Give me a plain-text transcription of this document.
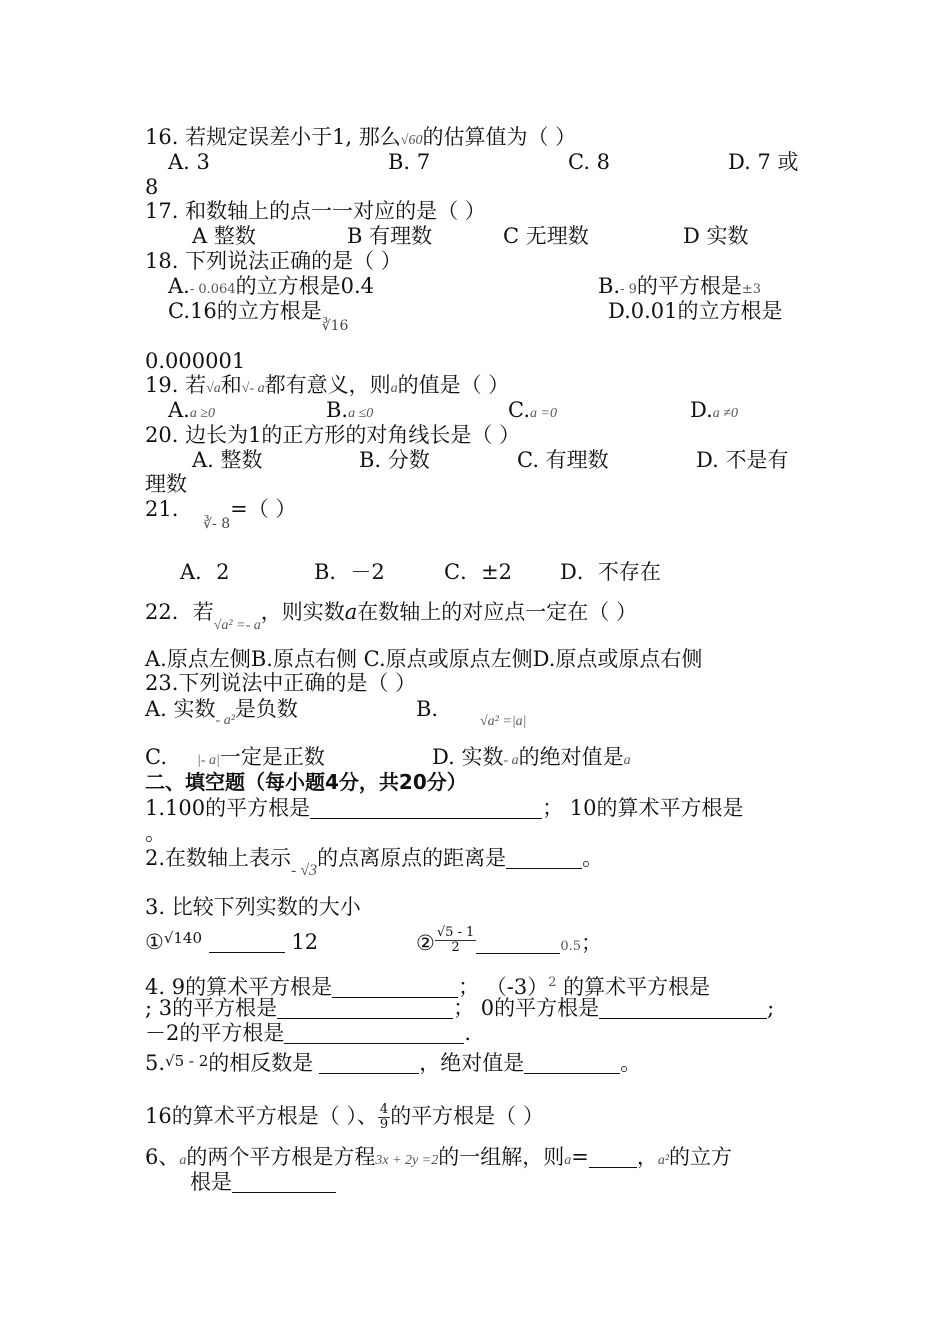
16. 若规定误差小于1, 那么√60的估算值为（ ）
A. 3	B. 7	C. 8	D. 7 或
8
17. 和数轴上的点一一对应的是（ ）
A 整数	B 有理数	C 无理数	D 实数
18. 下列说法正确的是（ ）
A.- 0.064的立方根是0.4	B.- 9的平方根是±3
C.16的立方根是$_{∛16}$
D.0.01的立方根是
0.000001
19. 若√a和√- a都有意义，则a的值是（ ）
A.a ≥0	B.a ≤0	C.a =0	D.a ≠0
20. 边长为1的正方形的对角线长是（ ）
A. 整数	B. 分数	C. 有理数	D. 不是有
理数
21. $_{∛- 8}$=（ ）
A．2	B．－2	C．±2 D．不存在
22．若$_{√a^2 =- a}$，则实数a在数轴上的对应点一定在（ ）
A.原点左侧B.原点右侧 C.原点或原点左侧D.原点或原点右侧
23.下列说法中正确的是（ ）
A. 实数$_{- a^2}$是负数	B.
√a² =|a|
C. |- a|一定是正数	D. 实数- a的绝对值是a
二、填空题（每小题4分，共20分）
1.100的平方根是	； 10的算术平方根是
。
2.在数轴上表示$_{- √3}$的点离原点的距离是	。
3. 比较下列实数的大小
①$^{√140}$	12	② $\frac{√5 - 1}{2}$	0.5；
4. 9的算术平方根是	； $(-3)^2$ 的算术平方根是
; 3的平方根是	； 0的平方根是	;
－2的平方根是	.
5.√5 - 2的相反数是	，绝对值是	。
16的算术平方根是（ ）、 $\frac{4}{9}$ 的平方根是（ ）
6、a的两个平方根是方程3x + 2y =2的一组解，则a= ，a²的立方
根是
